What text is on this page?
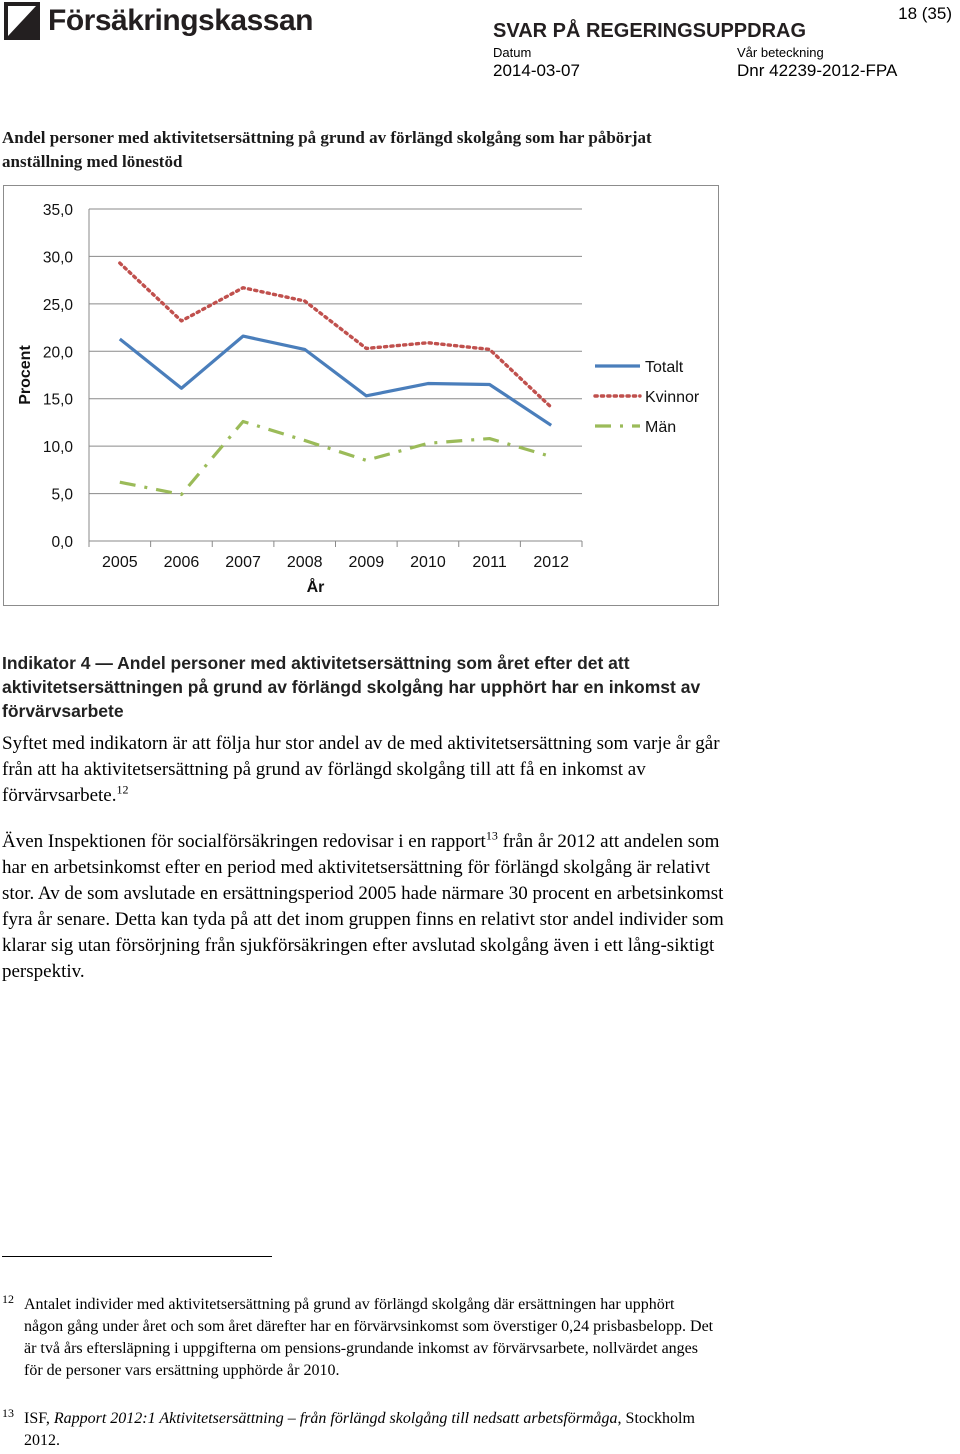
Försäkringskassan	18 (35)
SVAR PÅ REGERINGSUPPDRAG
Datum
2014-03-07
Vår beteckning
Dnr 42239-2012-FPA
Andel personer med aktivitetsersättning på grund av förlängd skolgång som har påbörjat anställning med lönestöd
35,0
30,0
25,0
20,0
15,0
10,0
5,0
0,0
2005 2006 2007 2008 2009 2010 2011 2012
År
Procent	Totalt
Kvinnor
Män
Indikator 4 — Andel personer med aktivitetsersättning som året efter det att aktivitetsersättningen på grund av förlängd skolgång har upphört har en inkomst av förvärvsarbete
Syftet med indikatorn är att följa hur stor andel av de med aktivitetsersättning som varje år går från att ha aktivitetsersättning på grund av förlängd skolgång till att få en inkomst av förvärvsarbete.$^{12}$
Även Inspektionen för socialförsäkringen redovisar i en rapport$^{13}$ från år 2012 att andelen som har en arbetsinkomst efter en period med aktivitetsersättning för förlängd skolgång är relativt stor. Av de som avslutade en ersättningsperiod 2005 hade närmare 30 procent en arbetsinkomst fyra år senare. Detta kan tyda på att det inom gruppen finns en relativt stor andel individer som klarar sig utan försörjning från sjukförsäkringen efter avslutad skolgång även i ett lång-siktigt perspektiv.
12 Antalet individer med aktivitetsersättning på grund av förlängd skolgång där ersättningen har upphört någon gång under året och som året därefter har en förvärvsinkomst som överstiger 0,24 prisbasbelopp. Det är två års eftersläpning i uppgifterna om pensions-grundande inkomst av förvärvsarbete, nollvärdet anges för de personer vars ersättning upphörde år 2010.
13 ISF, Rapport 2012:1 Aktivitetsersättning – från förlängd skolgång till nedsatt arbetsförmåga, Stockholm 2012.
